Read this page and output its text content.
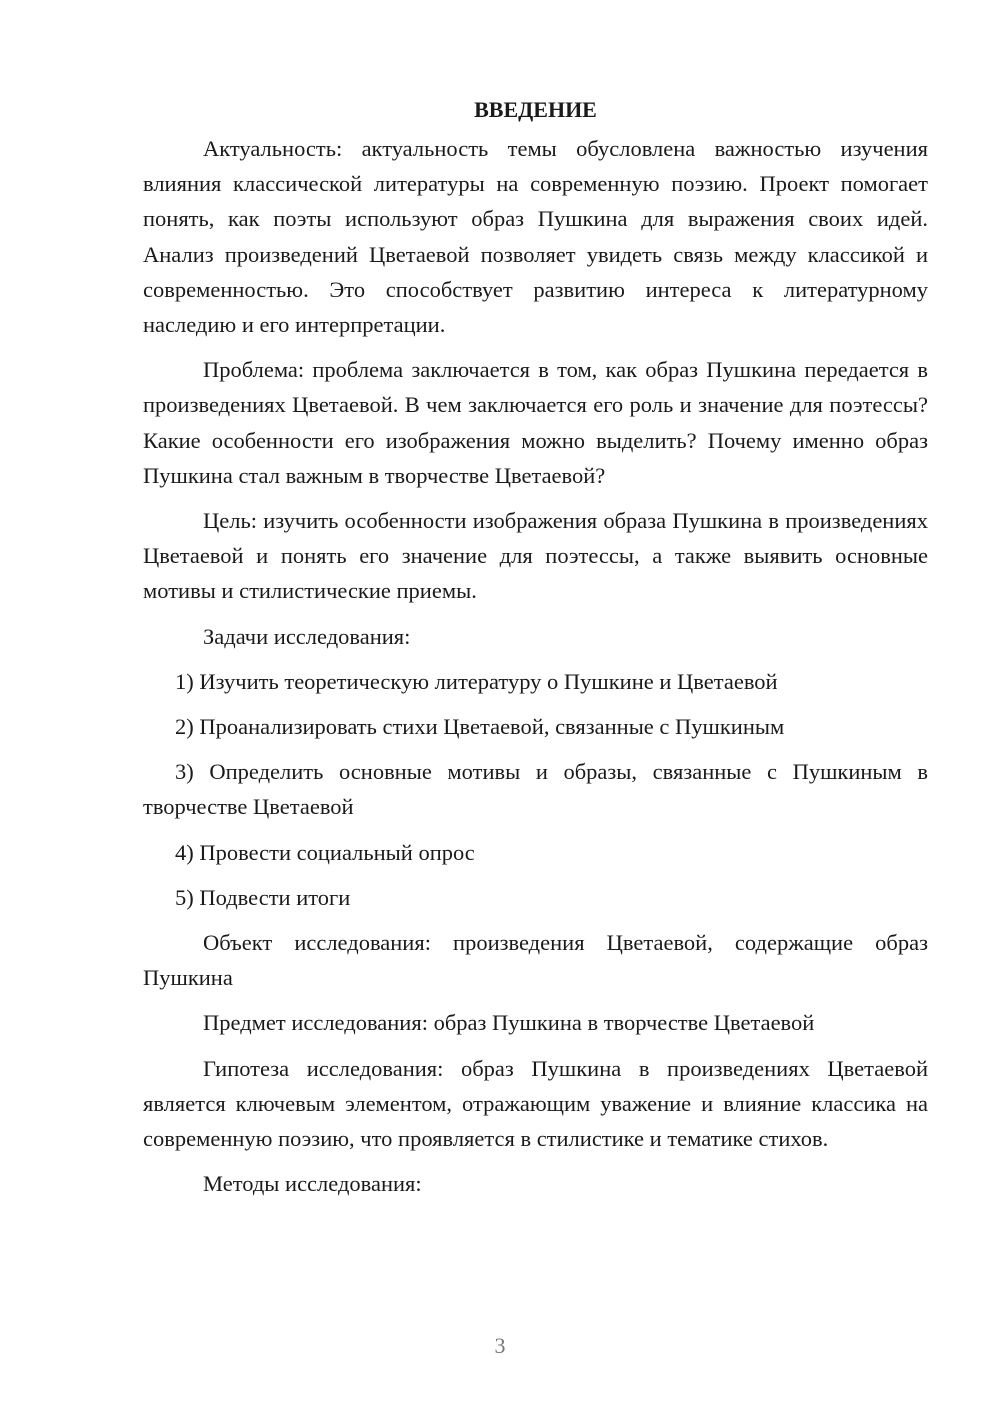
ВВЕДЕНИЕ

Актуальность: актуальность темы обусловлена важностью изучения влияния классической литературы на современную поэзию. Проект помогает понять, как поэты используют образ Пушкина для выражения своих идей. Анализ произведений Цветаевой позволяет увидеть связь между классикой и современностью. Это способствует развитию интереса к литературному наследию и его интерпретации.

Проблема: проблема заключается в том, как образ Пушкина передается в произведениях Цветаевой. В чем заключается его роль и значение для поэтессы? Какие особенности его изображения можно выделить? Почему именно образ Пушкина стал важным в творчестве Цветаевой?

Цель: изучить особенности изображения образа Пушкина в произведениях Цветаевой и понять его значение для поэтессы, а также выявить основные мотивы и стилистические приемы.

Задачи исследования:

1) Изучить теоретическую литературу о Пушкине и Цветаевой

2) Проанализировать стихи Цветаевой, связанные с Пушкиным

3) Определить основные мотивы и образы, связанные с Пушкиным в творчестве Цветаевой

4) Провести социальный опрос

5) Подвести итоги

Объект исследования: произведения Цветаевой, содержащие образ Пушкина

Предмет исследования: образ Пушкина в творчестве Цветаевой

Гипотеза исследования: образ Пушкина в произведениях Цветаевой является ключевым элементом, отражающим уважение и влияние классика на современную поэзию, что проявляется в стилистике и тематике стихов.

Методы исследования:

3
